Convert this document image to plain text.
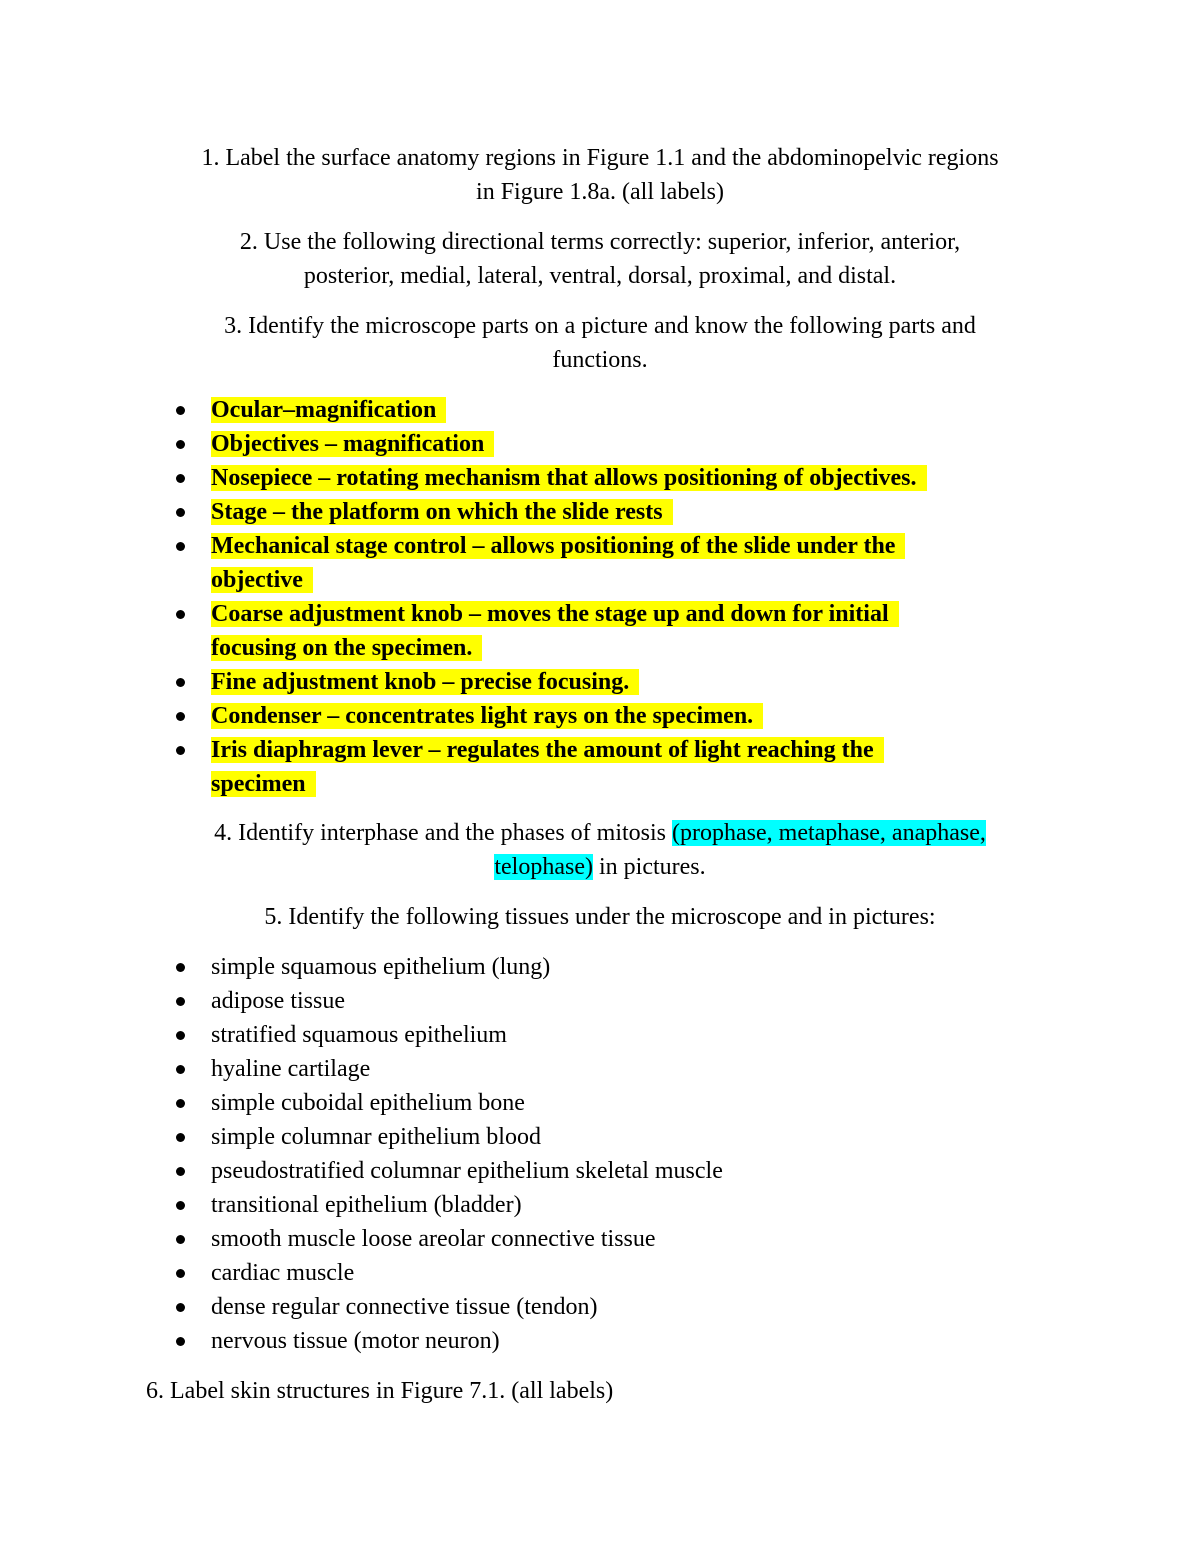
1. Label the surface anatomy regions in Figure 1.1 and the abdominopelvic regions
in Figure 1.8a. (all labels)
2. Use the following directional terms correctly: superior, inferior, anterior,
posterior, medial, lateral, ventral, dorsal, proximal, and distal.
3. Identify the microscope parts on a picture and know the following parts and
functions.
Ocular–magnification
Objectives – magnification
Nosepiece – rotating mechanism that allows positioning of objectives.
Stage – the platform on which the slide rests
Mechanical stage control – allows positioning of the slide under the
objective
Coarse adjustment knob – moves the stage up and down for initial
focusing on the specimen.
Fine adjustment knob – precise focusing.
Condenser – concentrates light rays on the specimen.
Iris diaphragm lever – regulates the amount of light reaching the
specimen
4. Identify interphase and the phases of mitosis (prophase, metaphase, anaphase,
telophase) in pictures.
5. Identify the following tissues under the microscope and in pictures:
simple squamous epithelium (lung)
adipose tissue
stratified squamous epithelium
hyaline cartilage
simple cuboidal epithelium bone
simple columnar epithelium blood
pseudostratified columnar epithelium skeletal muscle
transitional epithelium (bladder)
smooth muscle loose areolar connective tissue
cardiac muscle
dense regular connective tissue (tendon)
nervous tissue (motor neuron)
6. Label skin structures in Figure 7.1. (all labels)
